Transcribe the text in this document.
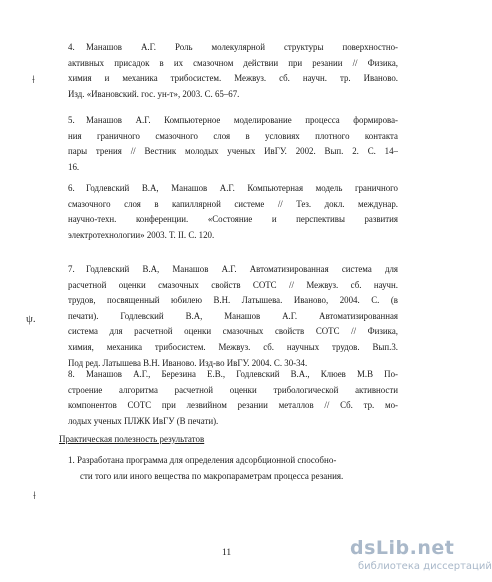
4.	Манашов А.Г. Роль молекулярной структуры поверхностно-
активных присадок в их смазочном действии при резании // Физика,
химия и механика трибосистем. Межвуз. сб. научн. тр. Иваново.
Изд. «Ивановский. гос. ун-т», 2003. С. 65–67.
5.	Манашов А.Г. Компьютерное моделирование процесса формирова-
ния граничного смазочного слоя в условиях плотного контакта
пары трения // Вестник молодых ученых ИвГУ. 2002. Вып. 2. С. 14–
16.
6.	Годлевский В.А, Манашов А.Г. Компьютерная модель граничного
смазочного слоя в капиллярной системе // Тез. докл. междунар.
научно-техн. конференции. «Состояние и перспективы развития
электротехнологии» 2003. Т. II. С. 120.
7.	Годлевский В.А, Манашов А.Г. Автоматизированная система для
расчетной оценки смазочных свойств СОТС // Межвуз. сб. научн.
трудов, посвященный юбилею В.Н. Латышева. Иваново, 2004. С. (в
печати). Годлевский В.А, Манашов А.Г. Автоматизированная
система для расчетной оценки смазочных свойств СОТС // Физика,
химия, механика трибосистем. Межвуз. сб. научных трудов. Вып.3.
Под ред. Латышева В.Н. Иваново. Изд-во ИвГУ. 2004. С. 30-34.
8.	Манашов А.Г., Березина Е.В., Годлевский В.А., Клюев М.В По-
строение алгоритма расчетной оценки трибологической активности
компонентов СОТС при лезвийном резании металлов // Сб. тр. мо-
лодых ученых ПЛЖК ИвГУ (В печати).
Практическая полезность результатов
1. Разработана программа для определения адсорбционной способно-
сти того или иного вещества по макропараметрам процесса резания.
11
⟊
ψ.
⟊
dsLib.net
библиотека диссертаций
